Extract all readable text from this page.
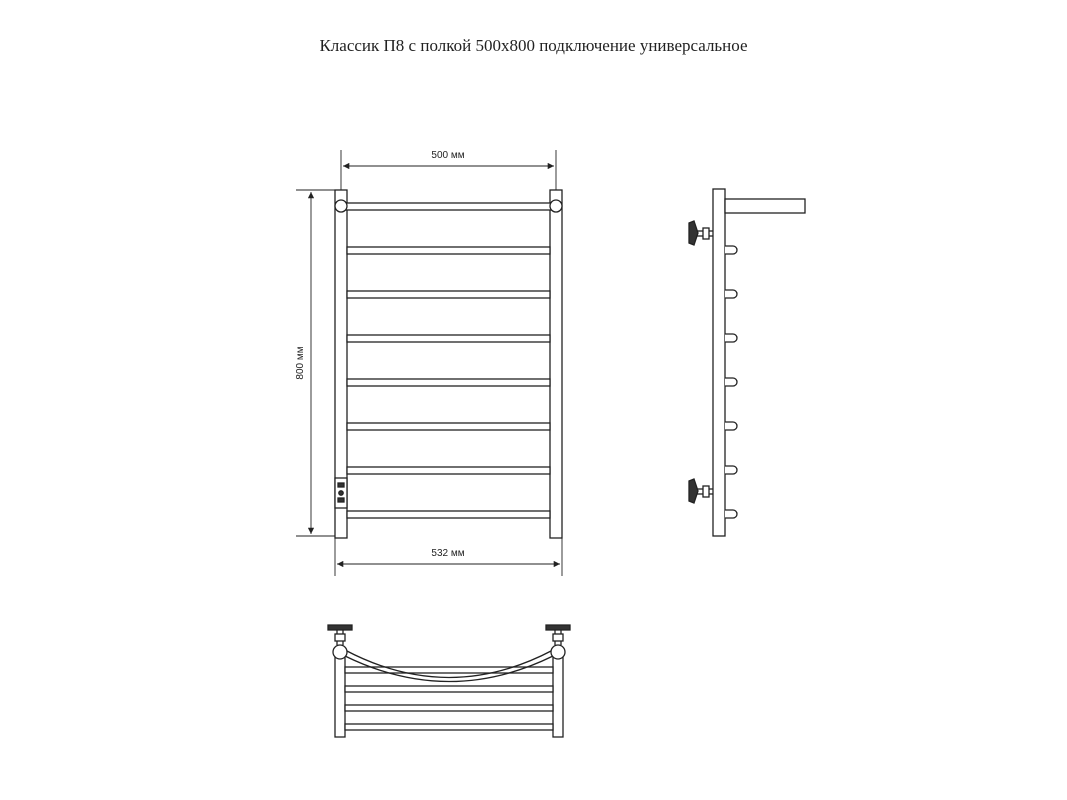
Классик П8 с полкой 500х800 подключение универсальное
500 мм
800 мм
532 мм
